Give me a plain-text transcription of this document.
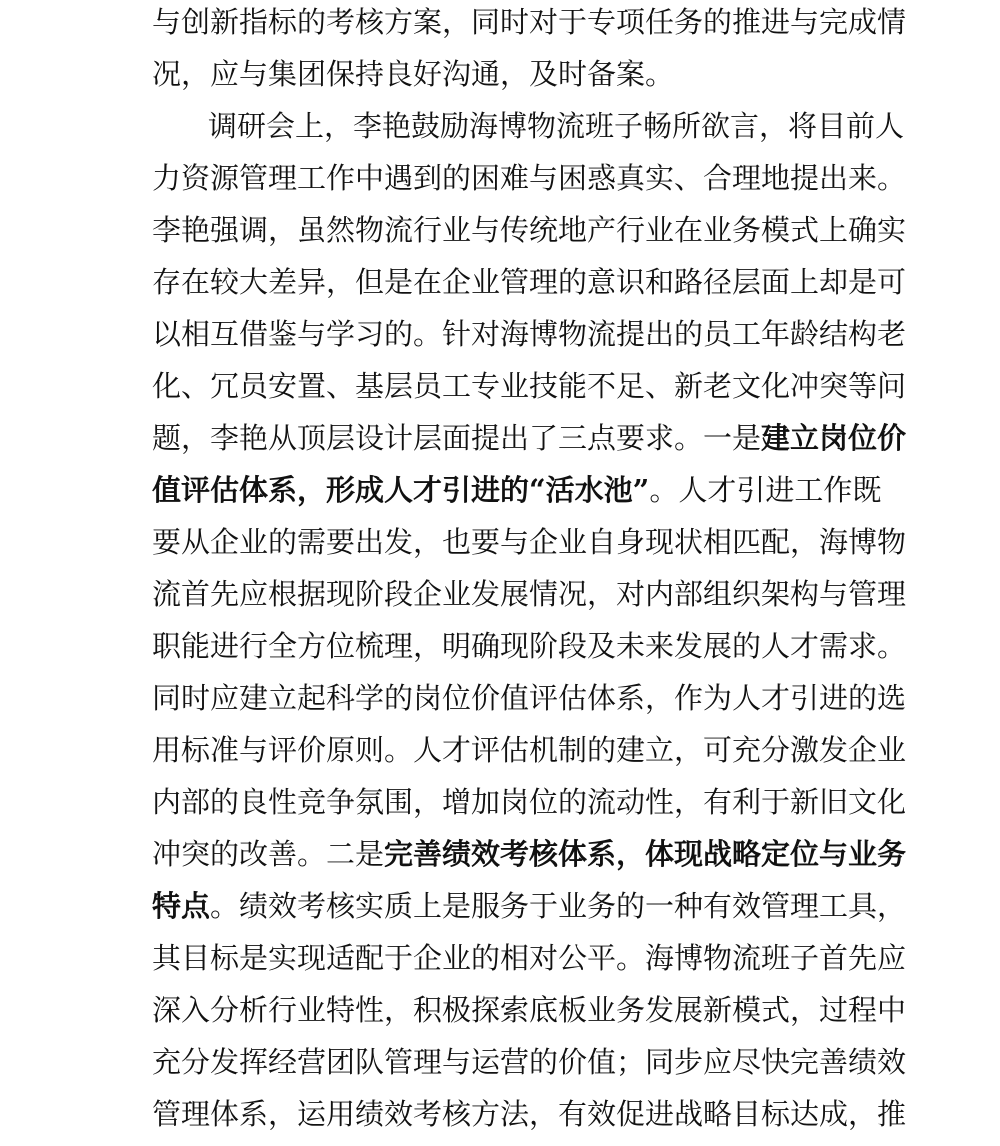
与创新指标的考核方案，同时对于专项任务的推进与完成情
况，应与集团保持良好沟通，及时备案。
调研会上，李艳鼓励海博物流班子畅所欲言，将目前人
力资源管理工作中遇到的困难与困惑真实、合理地提出来。
李艳强调，虽然物流行业与传统地产行业在业务模式上确实
存在较大差异，但是在企业管理的意识和路径层面上却是可
以相互借鉴与学习的。针对海博物流提出的员工年龄结构老
化、冗员安置、基层员工专业技能不足、新老文化冲突等问
题，李艳从顶层设计层面提出了三点要求。一是建立岗位价
值评估体系，形成人才引进的“活水池”。人才引进工作既
要从企业的需要出发，也要与企业自身现状相匹配，海博物
流首先应根据现阶段企业发展情况，对内部组织架构与管理
职能进行全方位梳理，明确现阶段及未来发展的人才需求。
同时应建立起科学的岗位价值评估体系，作为人才引进的选
用标准与评价原则。人才评估机制的建立，可充分激发企业
内部的良性竞争氛围，增加岗位的流动性，有利于新旧文化
冲突的改善。二是完善绩效考核体系，体现战略定位与业务
特点。绩效考核实质上是服务于业务的一种有效管理工具，
其目标是实现适配于企业的相对公平。海博物流班子首先应
深入分析行业特性，积极探索底板业务发展新模式，过程中
充分发挥经营团队管理与运营的价值；同步应尽快完善绩效
管理体系，运用绩效考核方法，有效促进战略目标达成，推
